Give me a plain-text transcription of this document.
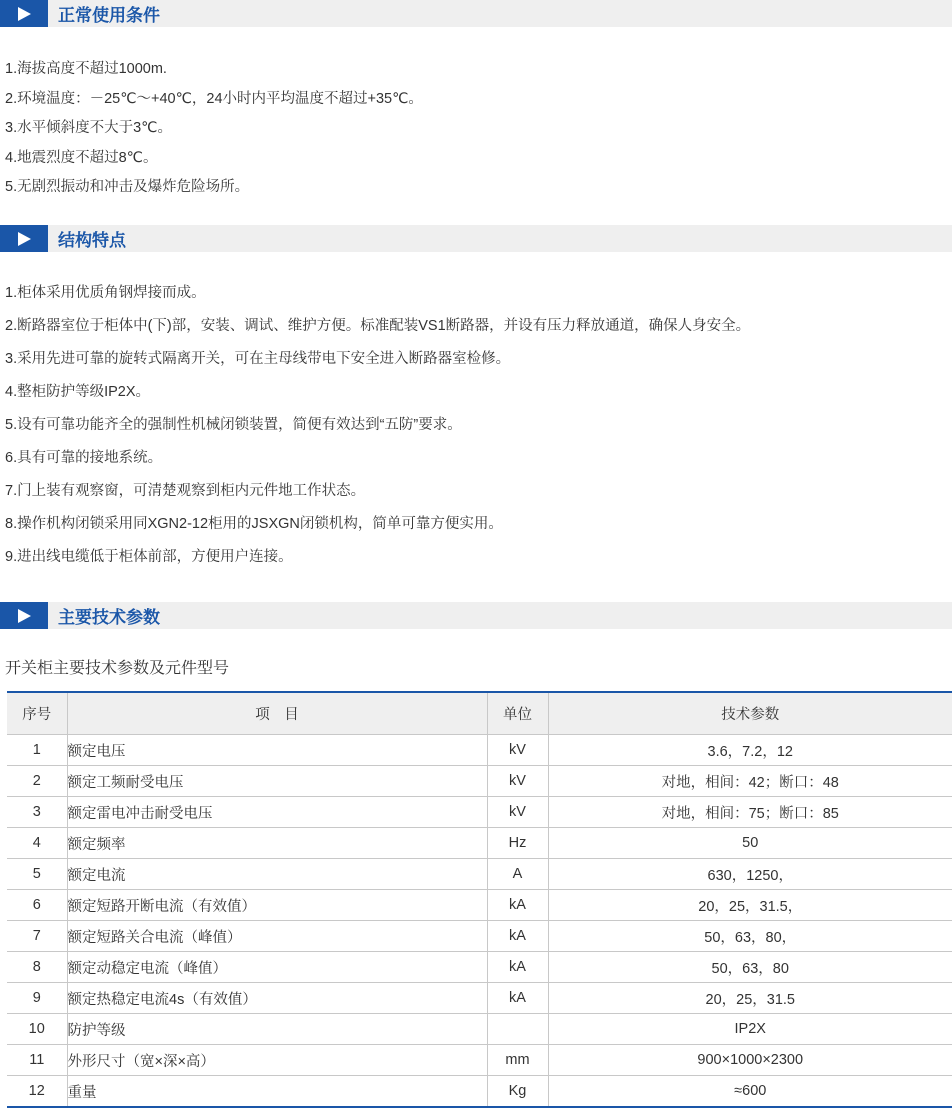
正常使用条件
1.海拔高度不超过1000m.
2.环境温度：－25℃～+40℃，24小时内平均温度不超过+35℃。
3.水平倾斜度不大于3℃。
4.地震烈度不超过8℃。
5.无剧烈振动和冲击及爆炸危险场所。
结构特点
1.柜体采用优质角钢焊接而成。
2.断路器室位于柜体中(下)部，安装、调试、维护方便。标准配装VS1断路器，并设有压力释放通道，确保人身安全。
3.采用先进可靠的旋转式隔离开关，可在主母线带电下安全进入断路器室检修。
4.整柜防护等级IP2X。
5.设有可靠功能齐全的强制性机械闭锁装置，简便有效达到“五防”要求。
6.具有可靠的接地系统。
7.门上装有观察窗，可清楚观察到柜内元件地工作状态。
8.操作机构闭锁采用同XGN2-12柜用的JSXGN闭锁机构，简单可靠方便实用。
9.进出线电缆低于柜体前部，方便用户连接。
主要技术参数
开关柜主要技术参数及元件型号
序号	项　目	单位	技术参数
1	额定电压	kV	3.6，7.2，12
2	额定工频耐受电压	kV	对地，相间：42；断口：48
3	额定雷电冲击耐受电压	kV	对地，相间：75；断口：85
4	额定频率	Hz	50
5	额定电流	A	630，1250，
6	额定短路开断电流（有效值）	kA	20，25，31.5，
7	额定短路关合电流（峰值）	kA	50，63，80，
8	额定动稳定电流（峰值）	kA	50，63，80
9	额定热稳定电流4s（有效值）	kA	20，25，31.5
10	防护等级		IP2X
11	外形尺寸（宽×深×高）	mm	900×1000×2300
12	重量	Kg	≈600
